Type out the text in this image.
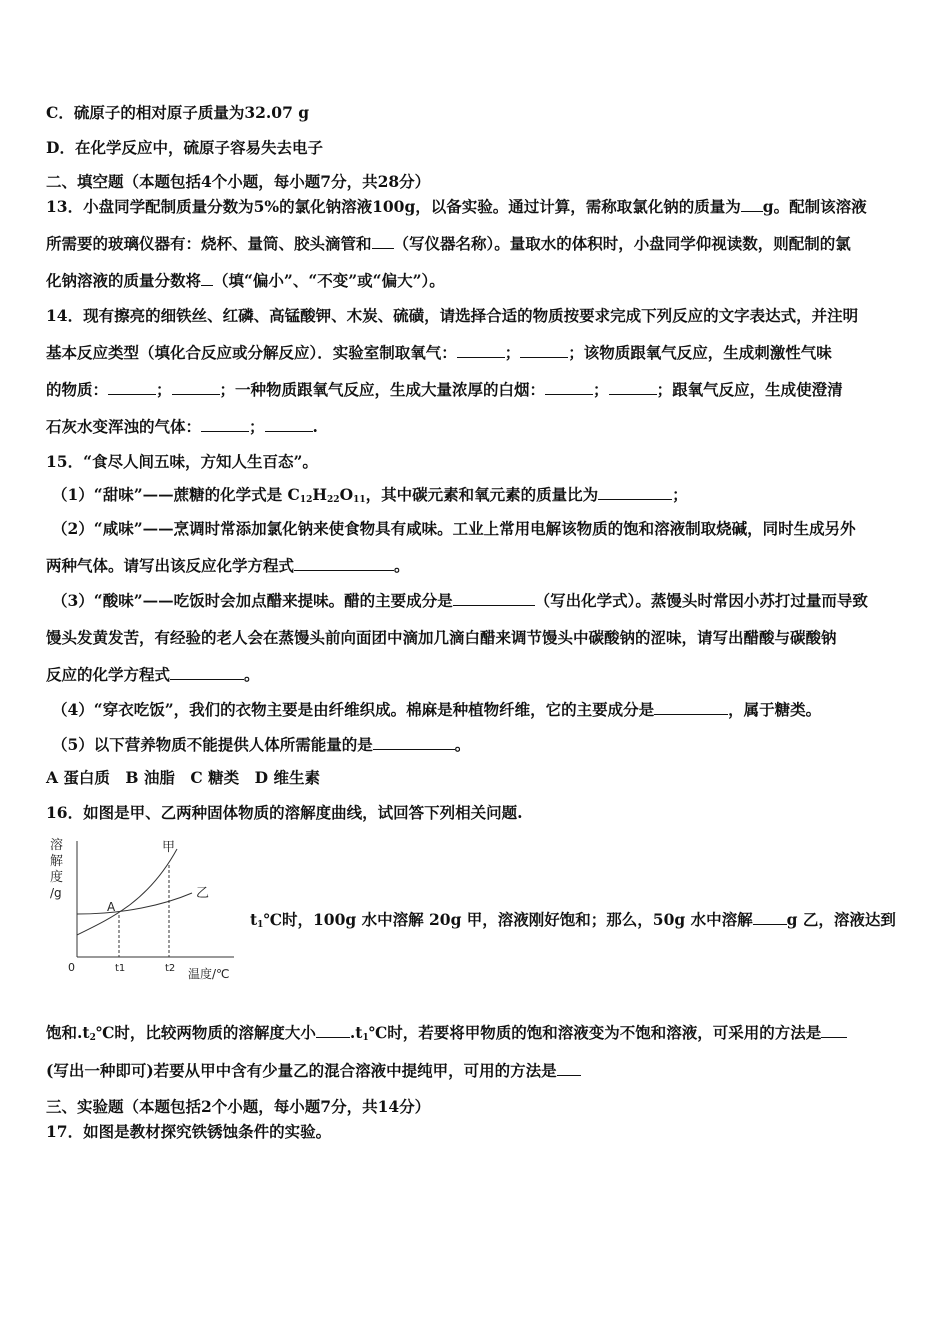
C．硫原子的相对原子质量为32.07 g
D．在化学反应中，硫原子容易失去电子
二、填空题（本题包括4个小题，每小题7分，共28分）
13．小盘同学配制质量分数为5%的氯化钠溶液100g，以备实验。通过计算，需称取氯化钠的质量为 g。配制该溶液
所需要的玻璃仪器有：烧杯、量筒、胶头滴管和 （写仪器名称）。量取水的体积时，小盘同学仰视读数，则配制的氯
化钠溶液的质量分数将 （填“偏小”、“不变”或“偏大”）。
14．现有擦亮的细铁丝、红磷、高锰酸钾、木炭、硫磺，请选择合适的物质按要求完成下列反应的文字表达式，并注明
基本反应类型（填化合反应或分解反应）．实验室制取氧气：	；	；该物质跟氧气反应，生成刺激性气味
的物质：	；	；一种物质跟氧气反应，生成大量浓厚的白烟：	；	；跟氧气反应，生成使澄清
石灰水变浑浊的气体：	；	.
15．“食尽人间五味，方知人生百态”。
（1）“甜味”——蔗糖的化学式是 $C_{12}H_{22}O_{11}$，其中碳元素和氧元素的质量比为	；
（2）“咸味”——烹调时常添加氯化钠来使食物具有咸味。工业上常用电解该物质的饱和溶液制取烧碱，同时生成另外
两种气体。请写出该反应化学方程式	。
（3）“酸味”——吃饭时会加点醋来提味。醋的主要成分是	（写出化学式）。蒸馒头时常因小苏打过量而导致
馒头发黄发苦，有经验的老人会在蒸馒头前向面团中滴加几滴白醋来调节馒头中碳酸钠的涩味，请写出醋酸与碳酸钠
反应的化学方程式	。
（4）“穿衣吃饭”，我们的衣物主要是由纤维织成。棉麻是种植物纤维，它的主要成分是	，属于糖类。
（5）以下营养物质不能提供人体所需能量的是	。
A 蛋白质　B 油脂　C 糖类　D 维生素
16．如图是甲、乙两种固体物质的溶解度曲线，试回答下列相关问题.
溶
解
度
/g
甲
乙
A
0	t1	t2 温度/℃
$t_1℃$时，100g 水中溶解 20g 甲，溶液刚好饱和；那么，50g 水中溶解 g 乙，溶液达到
饱和$.t_2℃$时，比较两物质的溶解度大小 $.t_1℃$时，若要将甲物质的饱和溶液变为不饱和溶液，可采用的方法是
(写出一种即可)若要从甲中含有少量乙的混合溶液中提纯甲，可用的方法是
三、实验题（本题包括2个小题，每小题7分，共14分）
17．如图是教材探究铁锈蚀条件的实验。
